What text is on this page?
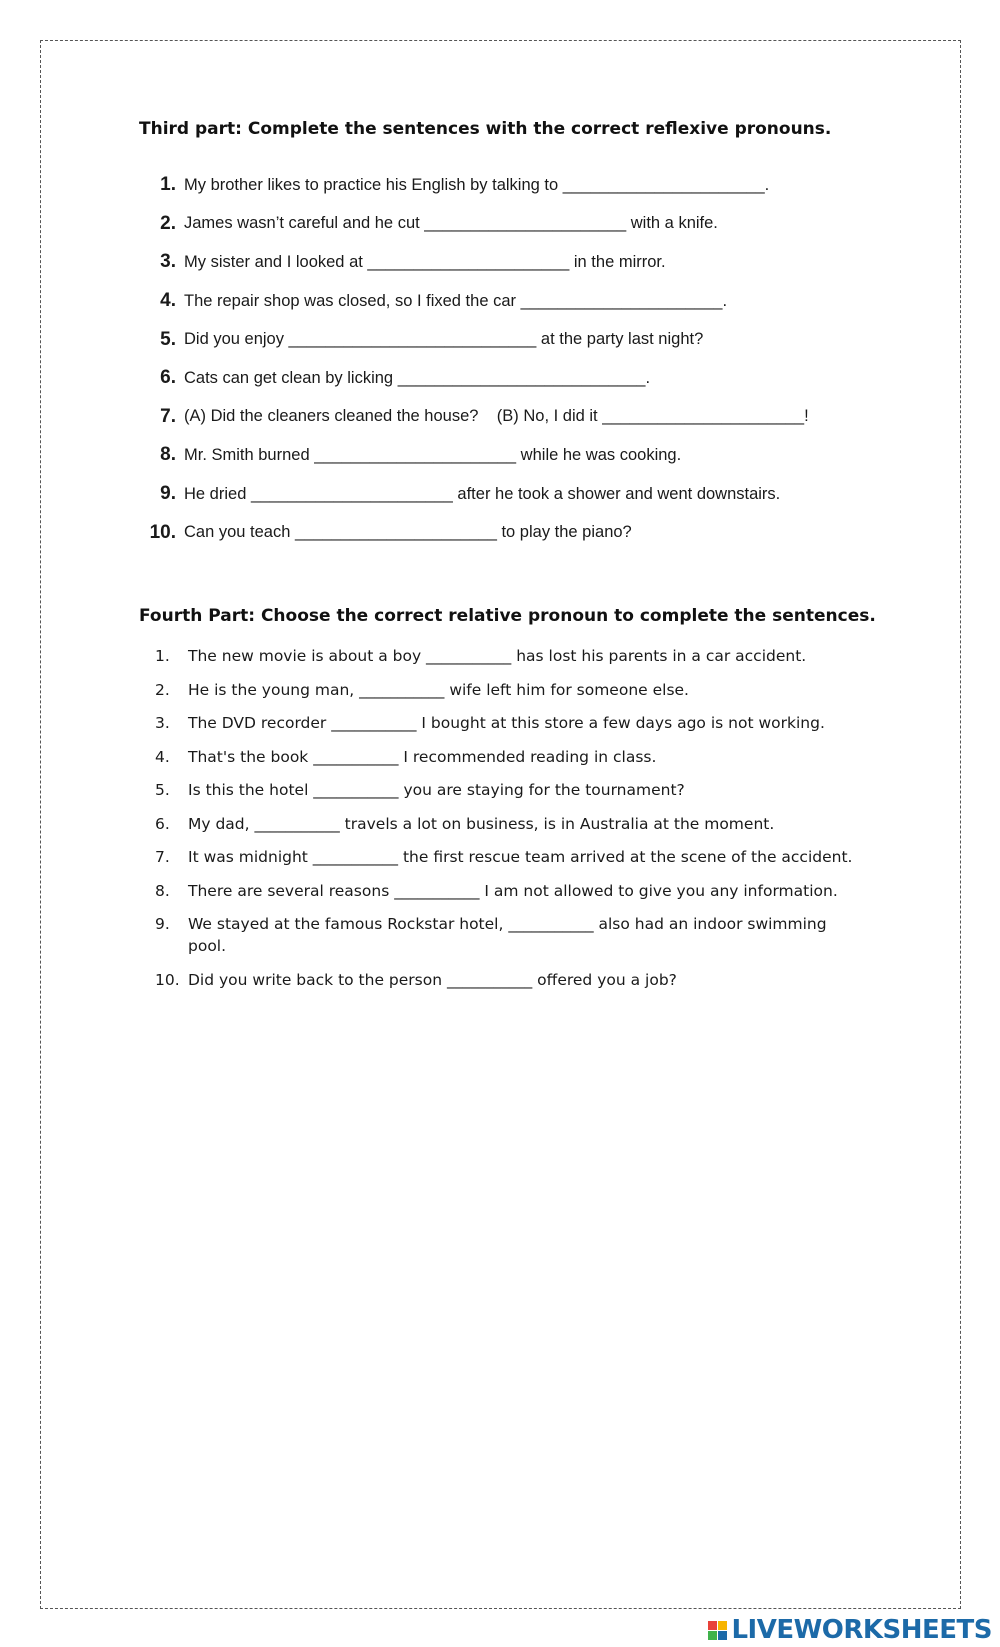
Third part: Complete the sentences with the correct reflexive pronouns.
1. My brother likes to practice his English by talking to ______________________.
2. James wasn’t careful and he cut ______________________ with a knife.
3. My sister and I looked at ______________________ in the mirror.
4. The repair shop was closed, so I fixed the car ______________________.
5. Did you enjoy ___________________________ at the party last night?
6. Cats can get clean by licking ___________________________.
7. (A) Did the cleaners cleaned the house?    (B) No, I did it ______________________!
8. Mr. Smith burned ______________________ while he was cooking.
9. He dried ______________________ after he took a shower and went downstairs.
10. Can you teach ______________________ to play the piano?
Fourth Part: Choose the correct relative pronoun to complete the sentences.
1.	The new movie is about a boy ___________ has lost his parents in a car accident.
2.	He is the young man, ___________ wife left him for someone else.
3.	The DVD recorder ___________ I bought at this store a few days ago is not working.
4.	That's the book ___________ I recommended reading in class.
5.	Is this the hotel ___________ you are staying for the tournament?
6.	My dad, ___________ travels a lot on business, is in Australia at the moment.
7.	It was midnight ___________ the first rescue team arrived at the scene of the accident.
8.	There are several reasons ___________ I am not allowed to give you any information.
9.	We stayed at the famous Rockstar hotel, ___________ also had an indoor swimming pool.
10. Did you write back to the person ___________ offered you a job?
LIVEWORKSHEETS
